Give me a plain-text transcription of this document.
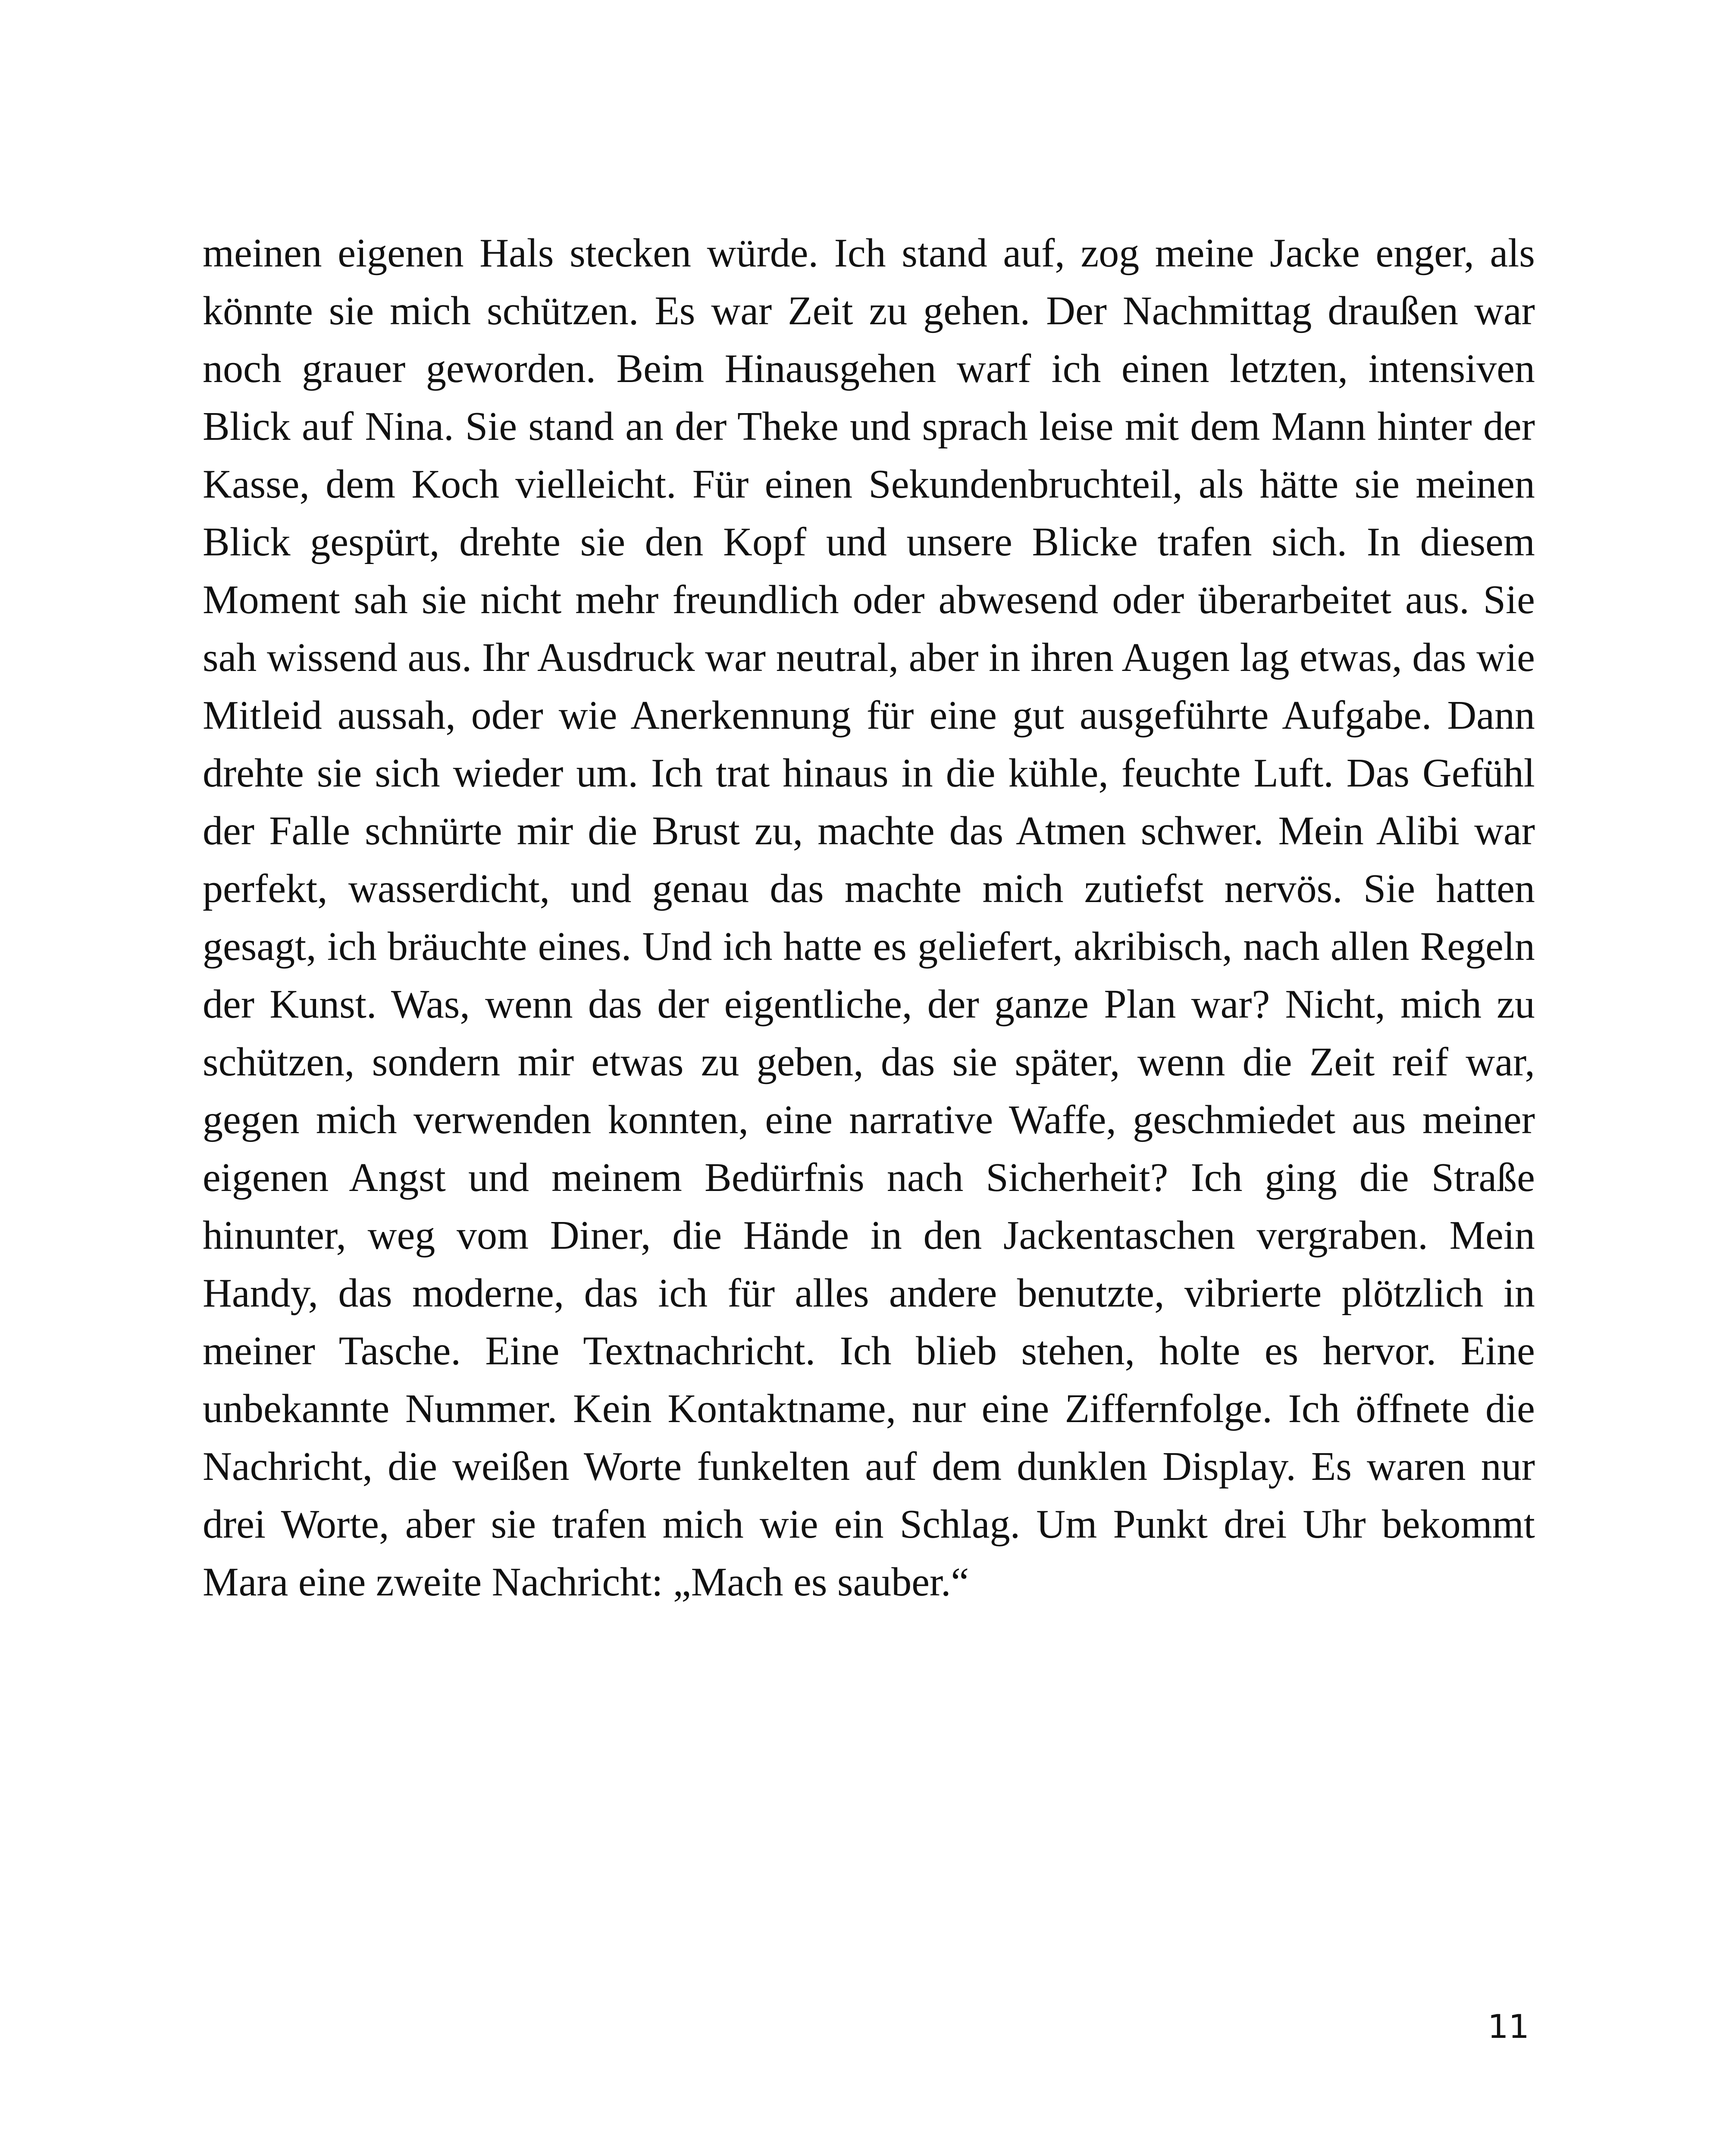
meinen eigenen Hals stecken würde. Ich stand auf, zog meine Jacke enger, als könnte sie mich schützen. Es war Zeit zu gehen. Der Nachmittag draußen war noch grauer geworden. Beim Hinausgehen warf ich einen letzten, intensiven Blick auf Nina. Sie stand an der Theke und sprach leise mit dem Mann hinter der Kasse, dem Koch vielleicht. Für einen Sekundenbruchteil, als hätte sie meinen Blick gespürt, drehte sie den Kopf und unsere Blicke trafen sich. In diesem Moment sah sie nicht mehr freundlich oder abwesend oder überarbeitet aus. Sie sah wissend aus. Ihr Ausdruck war neutral, aber in ihren Augen lag etwas, das wie Mitleid aussah, oder wie Anerkennung für eine gut ausgeführte Aufgabe. Dann drehte sie sich wieder um. Ich trat hinaus in die kühle, feuchte Luft. Das Gefühl der Falle schnürte mir die Brust zu, machte das Atmen schwer. Mein Alibi war perfekt, wasserdicht, und genau das machte mich zutiefst nervös. Sie hatten gesagt, ich bräuchte eines. Und ich hatte es geliefert, akribisch, nach allen Regeln der Kunst. Was, wenn das der eigentliche, der ganze Plan war? Nicht, mich zu schützen, sondern mir etwas zu geben, das sie später, wenn die Zeit reif war, gegen mich verwenden konnten, eine narrative Waffe, geschmiedet aus meiner eigenen Angst und meinem Bedürfnis nach Sicherheit? Ich ging die Straße hinunter, weg vom Diner, die Hände in den Jackentaschen vergraben. Mein Handy, das moderne, das ich für alles andere benutzte, vibrierte plötzlich in meiner Tasche. Eine Textnachricht. Ich blieb stehen, holte es hervor. Eine unbekannte Nummer. Kein Kontaktname, nur eine Ziffernfolge. Ich öffnete die Nachricht, die weißen Worte funkelten auf dem dunklen Display. Es waren nur drei Worte, aber sie trafen mich wie ein Schlag. Um Punkt drei Uhr bekommt Mara eine zweite Nachricht: „Mach es sauber.“

11
